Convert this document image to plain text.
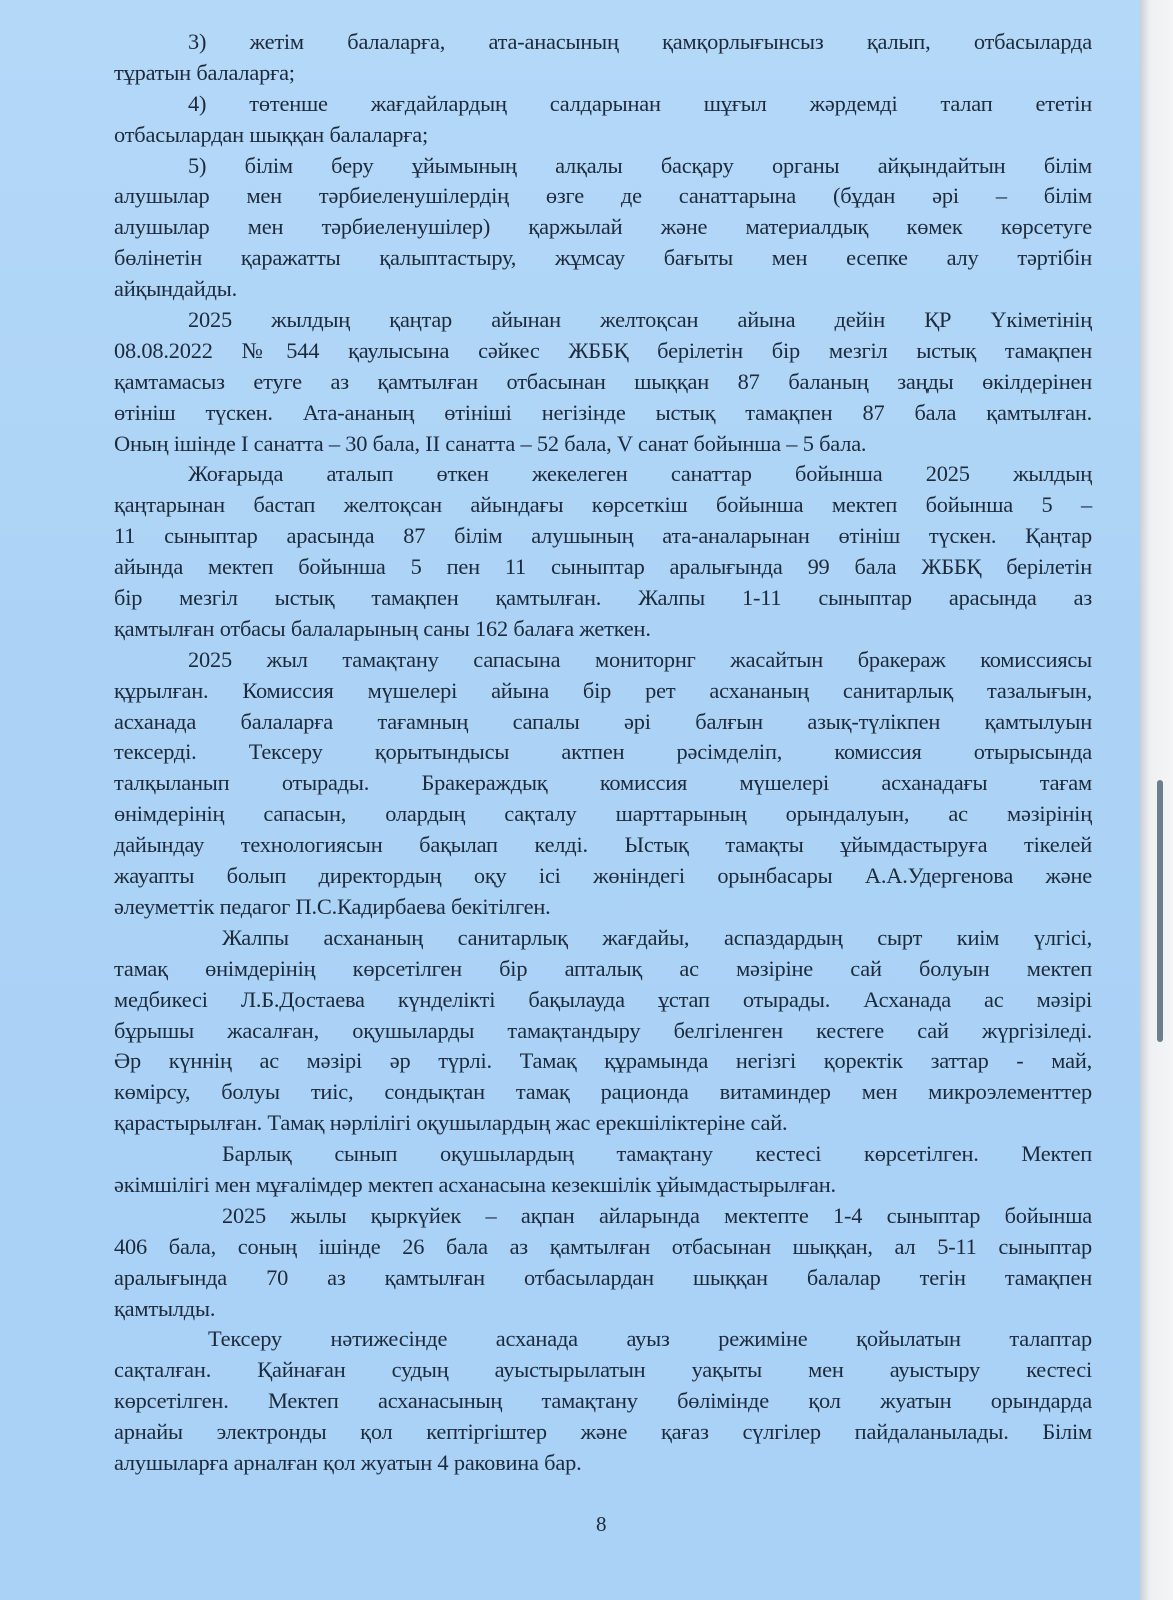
3) жетім балаларға, ата-анасының қамқорлығынсыз қалып, отбасыларда
тұратын балаларға;
4) төтенше жағдайлардың салдарынан шұғыл жәрдемді талап ететін
отбасылардан шыққан балаларға;
5) білім беру ұйымының алқалы басқару органы айқындайтын білім
алушылар мен тәрбиеленушілердің өзге де санаттарына (бұдан әрі – білім
алушылар мен тәрбиеленушілер) қаржылай және материалдық көмек көрсетуге
бөлінетін қаражатты қалыптастыру, жұмсау бағыты мен есепке алу тәртібін
айқындайды.
2025 жылдың қаңтар айынан желтоқсан айына дейін ҚР Үкіметінің
08.08.2022 №544 қаулысына сәйкес ЖББҚ берілетін бір мезгіл ыстық тамақпен
қамтамасыз етуге аз қамтылған отбасынан шыққан 87 баланың заңды өкілдерінен
өтініш түскен. Ата-ананың өтініші негізінде ыстық тамақпен 87 бала қамтылған.
Оның ішінде І санатта – 30 бала, ІІ санатта – 52 бала, V санат бойынша – 5 бала.
Жоғарыда аталып өткен жекелеген санаттар бойынша 2025 жылдың
қаңтарынан бастап желтоқсан айындағы көрсеткіш бойынша мектеп бойынша 5 –
11 сыныптар арасында 87 білім алушының ата-аналарынан өтініш түскен. Қаңтар
айында мектеп бойынша 5 пен 11 сыныптар аралығында 99 бала ЖББҚ берілетін
бір мезгіл ыстық тамақпен қамтылған. Жалпы 1-11 сыныптар арасында аз
қамтылған отбасы балаларының саны 162 балаға жеткен.
2025 жыл тамақтану сапасына мониторнг жасайтын бракераж комиссиясы
құрылған. Комиссия мүшелері айына бір рет асхананың санитарлық тазалығын,
асханада балаларға тағамның сапалы әрі балғын азық-түлікпен қамтылуын
тексерді. Тексеру қорытындысы актпен рәсімделіп, комиссия отырысында
талқыланып отырады. Бракераждық комиссия мүшелері асханадағы тағам
өнімдерінің сапасын, олардың сақталу шарттарының орындалуын, ас мәзірінің
дайындау технологиясын бақылап келді. Ыстық тамақты ұйымдастыруға тікелей
жауапты болып директордың оқу ісі жөніндегі орынбасары А.А.Удергенова және
әлеуметтік педагог П.С.Кадирбаева бекітілген.
Жалпы асхананың санитарлық жағдайы, аспаздардың сырт киім үлгісі,
тамақ өнімдерінің көрсетілген бір апталық ас мәзіріне сай болуын мектеп
медбикесі Л.Б.Достаева күнделікті бақылауда ұстап отырады. Асханада ас мәзірі
бұрышы жасалған, оқушыларды тамақтандыру белгіленген кестеге сай жүргізіледі.
Әр күннің ас мәзірі әр түрлі. Тамақ құрамында негізгі қоректік заттар - май,
көмірсу, болуы тиіс, сондықтан тамақ рационда витаминдер мен микроэлементтер
қарастырылған. Тамақ нәрлілігі оқушылардың жас ерекшіліктеріне сай.
Барлық сынып оқушылардың тамақтану кестесі көрсетілген. Мектеп
әкімшілігі мен мұғалімдер мектеп асханасына кезекшілік ұйымдастырылған.
2025 жылы қыркүйек – ақпан айларында мектепте 1-4 сыныптар бойынша
406 бала, соның ішінде 26 бала аз қамтылған отбасынан шыққан, ал 5-11 сыныптар
аралығында 70 аз қамтылған отбасылардан шыққан балалар тегін тамақпен
қамтылды.
Тексеру нәтижесінде асханада ауыз режиміне қойылатын талаптар
сақталған. Қайнаған судың ауыстырылатын уақыты мен ауыстыру кестесі
көрсетілген. Мектеп асханасының тамақтану бөлімінде қол жуатын орындарда
арнайы электронды қол кептіргіштер және қағаз сүлгілер пайдаланылады. Білім
алушыларға арналған қол жуатын 4 раковина бар.
8
